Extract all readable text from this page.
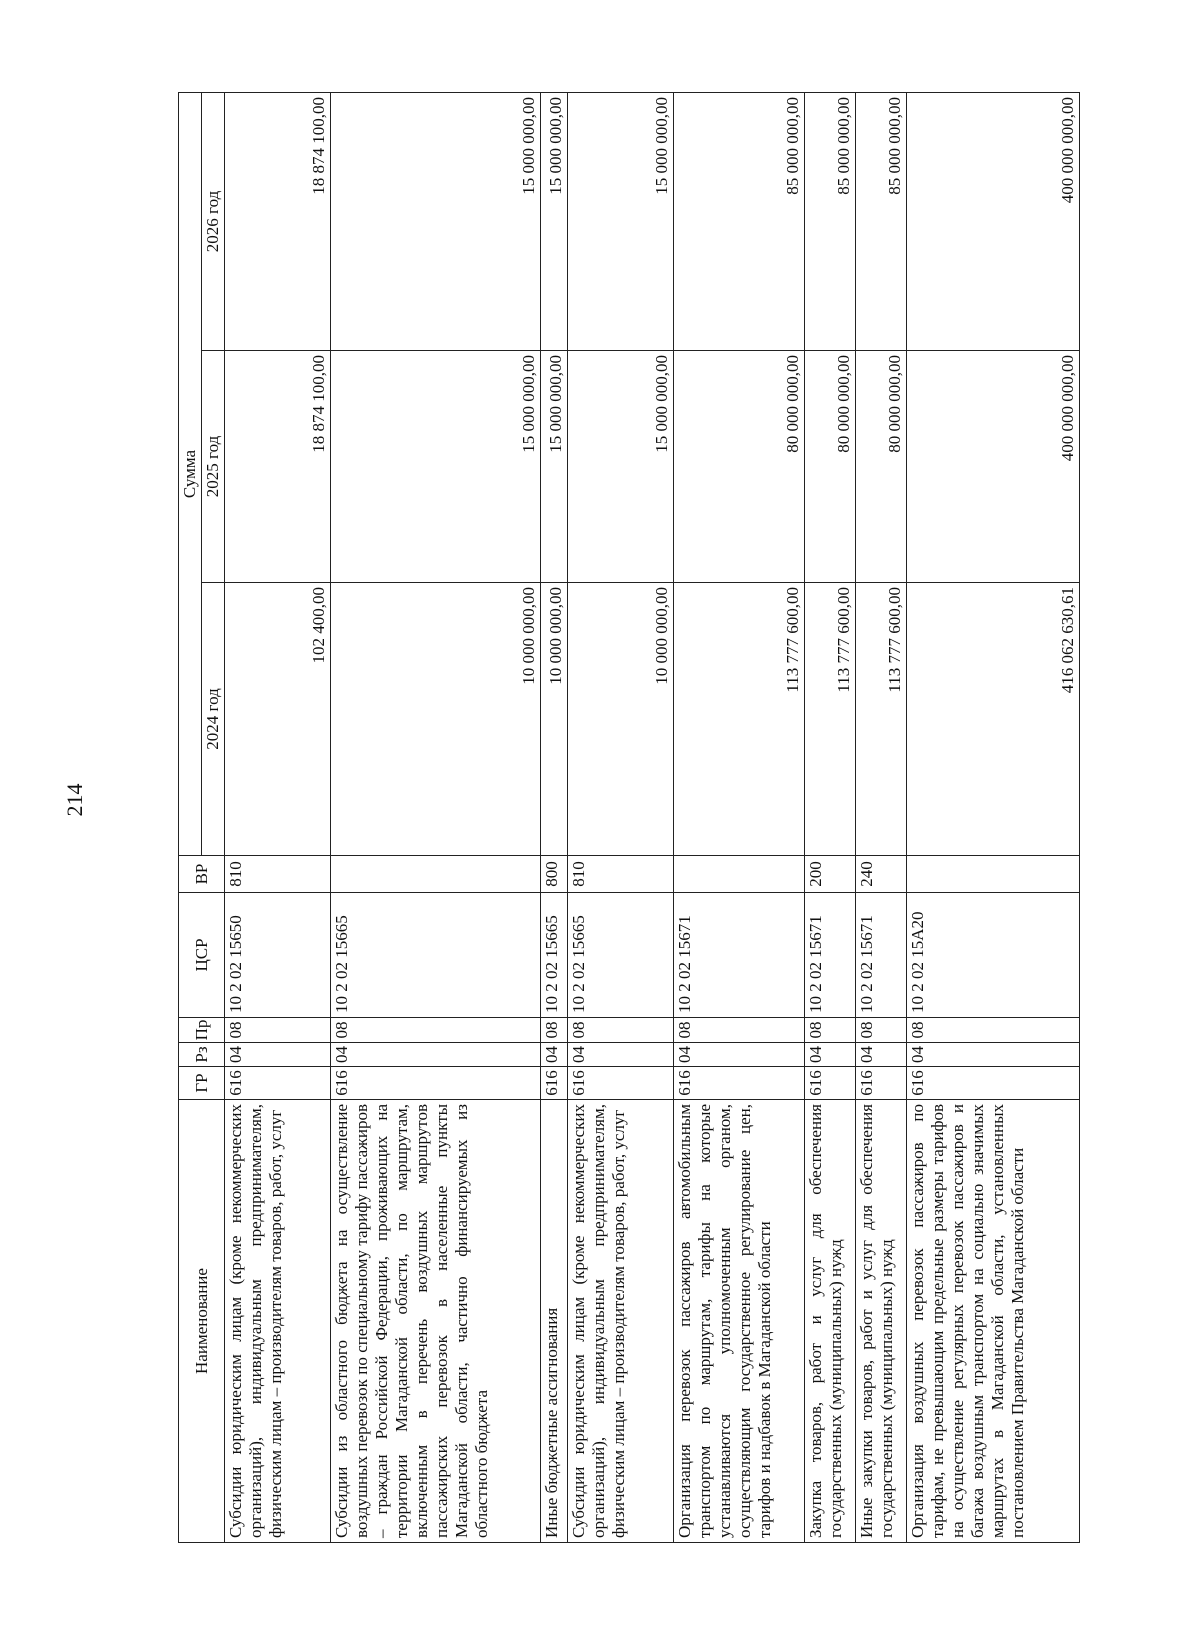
214
Наименование	ГР	Рз	Пр	ЦСР	ВР	Сумма		
						2024 год	2025 год	2026 год
Субсидии юридическим лицам (кроме некоммерческих организаций), индивидуальным предпринимателям, физическим лицам – производителям товаров, работ, услуг	616	04	08	10 2 02 15650	810	102 400,00	18 874 100,00	18 874 100,00
Субсидии из областного бюджета на осуществление воздушных перевозок по специальному тарифу пассажиров – граждан Российской Федерации, проживающих на территории Магаданской области, по маршрутам, включенным в перечень воздушных маршрутов пассажирских перевозок в населенные пункты Магаданской области, частично финансируемых из областного бюджета	616	04	08	10 2 02 15665		10 000 000,00	15 000 000,00	15 000 000,00
Иные бюджетные ассигнования	616	04	08	10 2 02 15665	800	10 000 000,00	15 000 000,00	15 000 000,00
Субсидии юридическим лицам (кроме некоммерческих организаций), индивидуальным предпринимателям, физическим лицам – производителям товаров, работ, услуг	616	04	08	10 2 02 15665	810	10 000 000,00	15 000 000,00	15 000 000,00
Организация перевозок пассажиров автомобильным транспортом по маршрутам, тарифы на которые устанавливаются уполномоченным органом, осуществляющим государственное регулирование цен, тарифов и надбавок в Магаданской области	616	04	08	10 2 02 15671		113 777 600,00	80 000 000,00	85 000 000,00
Закупка товаров, работ и услуг для обеспечения государственных (муниципальных) нужд	616	04	08	10 2 02 15671	200	113 777 600,00	80 000 000,00	85 000 000,00
Иные закупки товаров, работ и услуг для обеспечения государственных (муниципальных) нужд	616	04	08	10 2 02 15671	240	113 777 600,00	80 000 000,00	85 000 000,00
Организация воздушных перевозок пассажиров по тарифам, не превышающим предельные размеры тарифов на осуществление регулярных перевозок пассажиров и багажа воздушным транспортом на социально значимых маршрутах в Магаданской области, установленных постановлением Правительства Магаданской области	616	04	08	10 2 02 15А20		416 062 630,61	400 000 000,00	400 000 000,00
